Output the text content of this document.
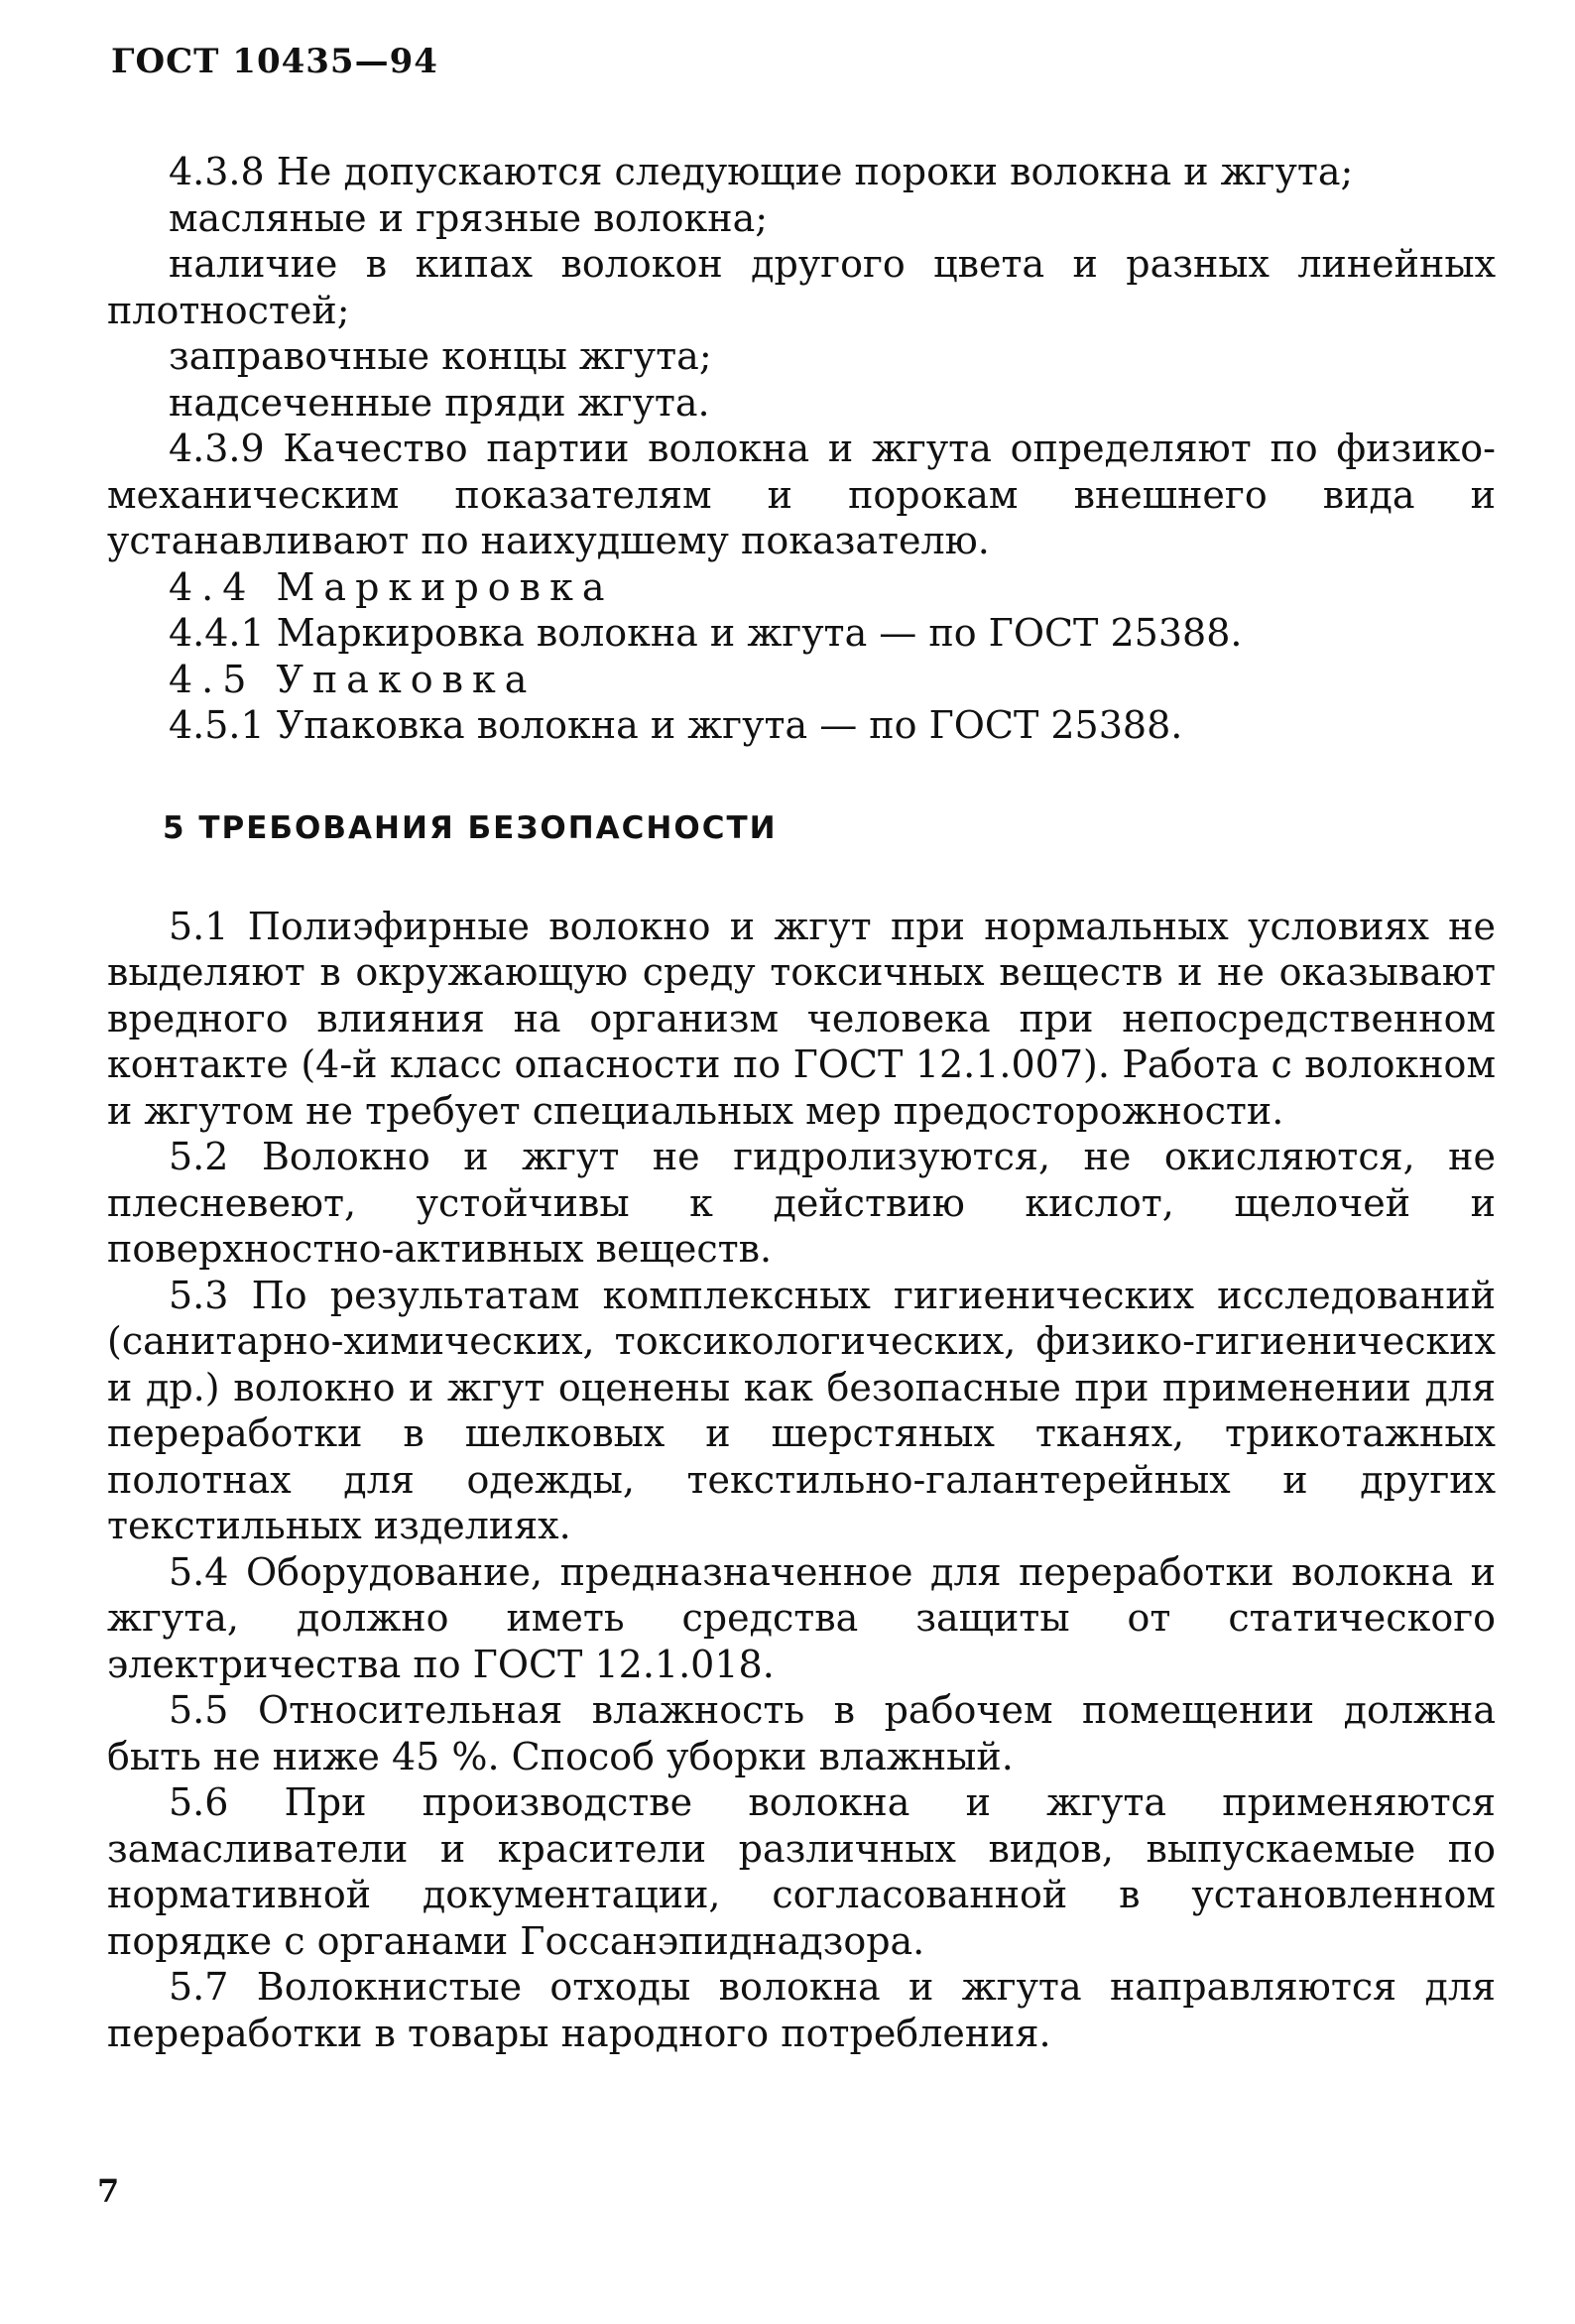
ГОСТ 10435—94

4.3.8 Не допускаются следующие пороки волокна и жгута;

масляные и грязные волокна;

наличие в кипах волокон другого цвета и разных линейных плотностей;

заправочные концы жгута;

надсеченные пряди жгута.

4.3.9 Качество партии волокна и жгута определяют по физико-механическим показателям и порокам внешнего вида и устанавливают по наихудшему показателю.

4.4 Маркировка

4.4.1 Маркировка волокна и жгута — по ГОСТ 25388.

4.5 Упаковка

4.5.1 Упаковка волокна и жгута — по ГОСТ 25388.

5 ТРЕБОВАНИЯ БЕЗОПАСНОСТИ

5.1 Полиэфирные волокно и жгут при нормальных условиях не выделяют в окружающую среду токсичных веществ и не оказывают вредного влияния на организм человека при непосредственном контакте (4-й класс опасности по ГОСТ 12.1.007). Работа с волокном и жгутом не требует специальных мер предосторожности.

5.2 Волокно и жгут не гидролизуются, не окисляются, не плесневеют, устойчивы к действию кислот, щелочей и поверхностно-активных веществ.

5.3 По результатам комплексных гигиенических исследований (санитарно-химических, токсикологических, физико-гигиенических и др.) волокно и жгут оценены как безопасные при применении для переработки в шелковых и шерстяных тканях, трикотажных полотнах для одежды, текстильно-галантерейных и других текстильных изделиях.

5.4 Оборудование, предназначенное для переработки волокна и жгута, должно иметь средства защиты от статического электричества по ГОСТ 12.1.018.

5.5 Относительная влажность в рабочем помещении должна быть не ниже 45 %. Способ уборки влажный.

5.6 При производстве волокна и жгута применяются замасливатели и красители различных видов, выпускаемые по нормативной документации, согласованной в установленном порядке с органами Госсанэпиднадзора.

5.7 Волокнистые отходы волокна и жгута направляются для переработки в товары народного потребления.

7
